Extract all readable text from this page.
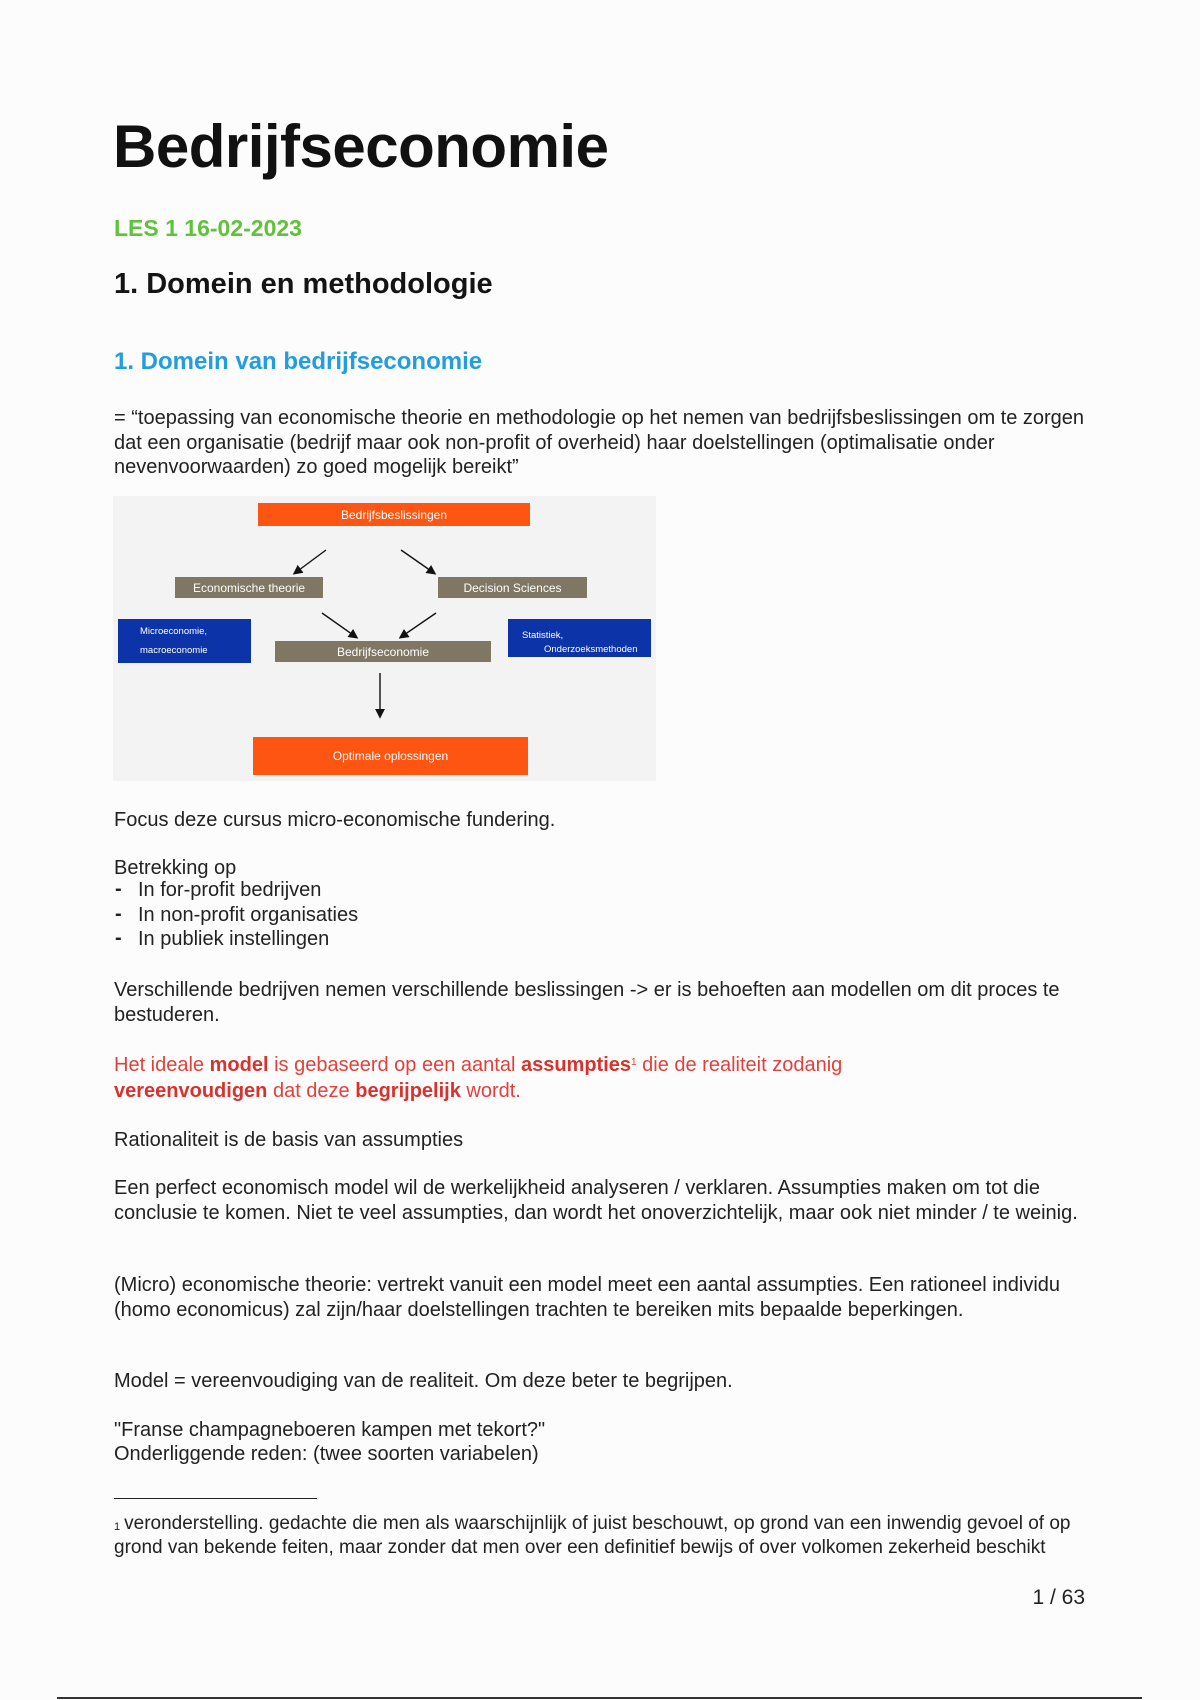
Bedrijfseconomie
LES 1 16-02-2023
1. Domein en methodologie
1. Domein van bedrijfseconomie

= “toepassing van economische theorie en methodologie op het nemen van bedrijfsbeslissingen om te zorgen dat een organisatie (bedrijf maar ook non-profit of overheid) haar doelstellingen (optimalisatie onder nevenvoorwaarden) zo goed mogelijk bereikt”

Bedrijfsbeslissingen
Economische theorie	Decision Sciences
Microeconomie,
macroeconomie	Bedrijfseconomie
Statistiek,
Onderzoeksmethoden
Optimale oplossingen

Focus deze cursus micro-economische fundering.

Betrekking op

- In for-profit bedrijven
- In non-profit organisaties
- In publiek instellingen

Verschillende bedrijven nemen verschillende beslissingen -> er is behoeften aan modellen om dit proces te bestuderen.

Het ideale model is gebaseerd op een aantal assumpties$^1$ die de realiteit zodanig
vereenvoudigen dat deze begrijpelijk wordt.

Rationaliteit is de basis van assumpties

Een perfect economisch model wil de werkelijkheid analyseren / verklaren. Assumpties maken om tot die conclusie te komen. Niet te veel assumpties, dan wordt het onoverzichtelijk, maar ook niet minder / te weinig.

(Micro) economische theorie: vertrekt vanuit een model meet een aantal assumpties. Een rationeel individu (homo economicus) zal zijn/haar doelstellingen trachten te bereiken mits bepaalde beperkingen.

Model = vereenvoudiging van de realiteit. Om deze beter te begrijpen.

"Franse champagneboeren kampen met tekort?"

Onderliggende reden: (twee soorten variabelen)

$^1$ veronderstelling. gedachte die men als waarschijnlijk of juist beschouwt, op grond van een inwendig gevoel of op grond van bekende feiten, maar zonder dat men over een definitief bewijs of over volkomen zekerheid beschikt

1 / 63
